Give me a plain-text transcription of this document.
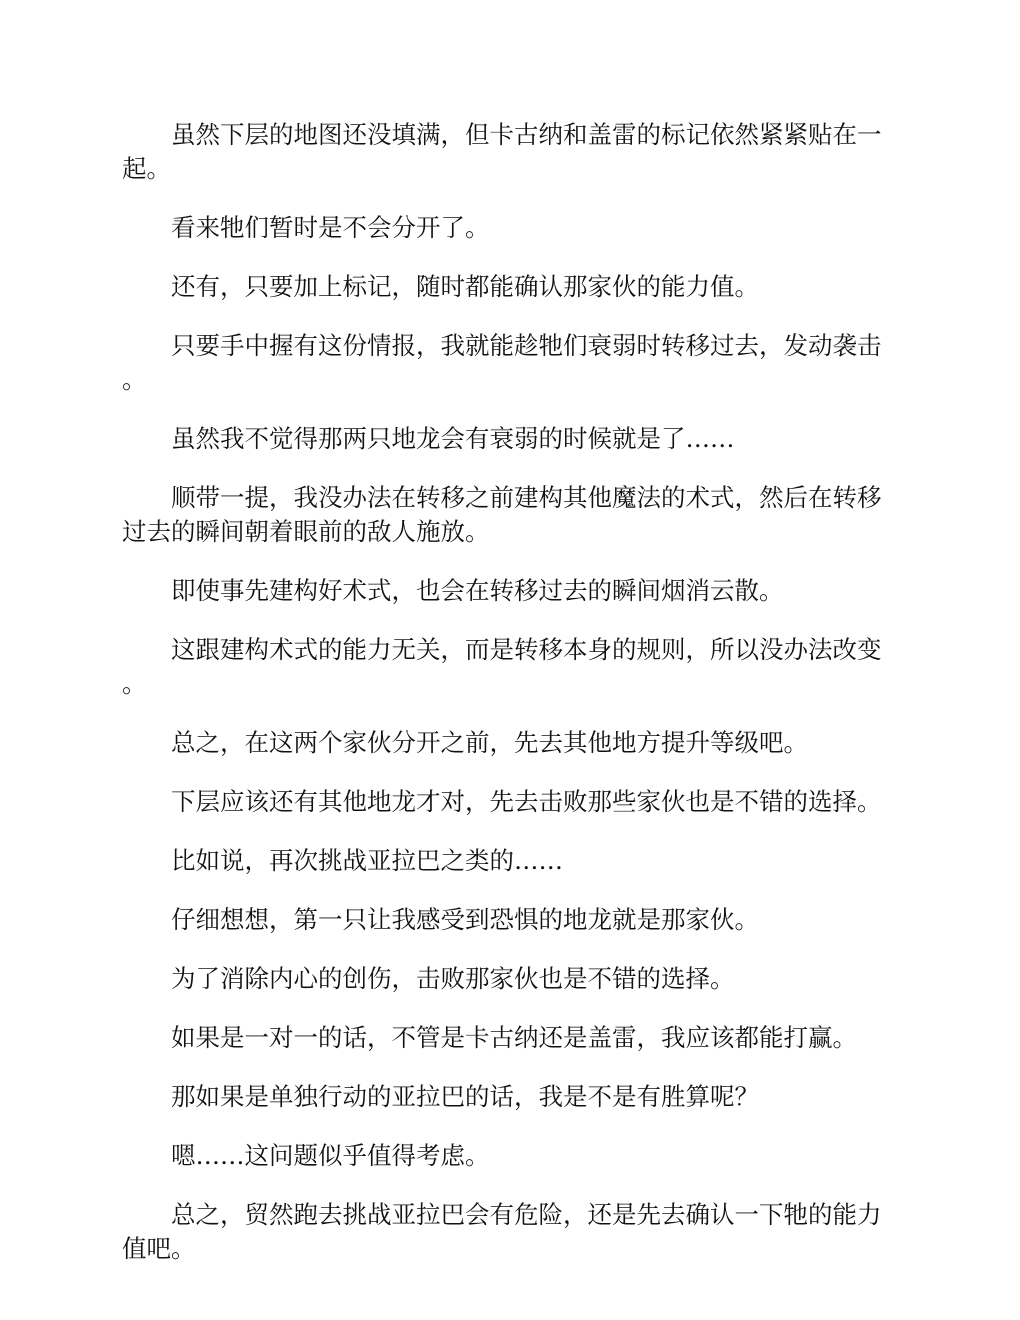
虽然下层的地图还没填满，但卡古纳和盖雷的标记依然紧紧贴在一起。

看来牠们暂时是不会分开了。

还有，只要加上标记，随时都能确认那家伙的能力值。

只要手中握有这份情报，我就能趁牠们衰弱时转移过去，发动袭击。

虽然我不觉得那两只地龙会有衰弱的时候就是了……

顺带一提，我没办法在转移之前建构其他魔法的术式，然后在转移过去的瞬间朝着眼前的敌人施放。

即使事先建构好术式，也会在转移过去的瞬间烟消云散。

这跟建构术式的能力无关，而是转移本身的规则，所以没办法改变。

总之，在这两个家伙分开之前，先去其他地方提升等级吧。

下层应该还有其他地龙才对，先去击败那些家伙也是不错的选择。

比如说，再次挑战亚拉巴之类的……

仔细想想，第一只让我感受到恐惧的地龙就是那家伙。

为了消除内心的创伤，击败那家伙也是不错的选择。

如果是一对一的话，不管是卡古纳还是盖雷，我应该都能打赢。

那如果是单独行动的亚拉巴的话，我是不是有胜算呢？

嗯……这问题似乎值得考虑。

总之，贸然跑去挑战亚拉巴会有危险，还是先去确认一下牠的能力值吧。
